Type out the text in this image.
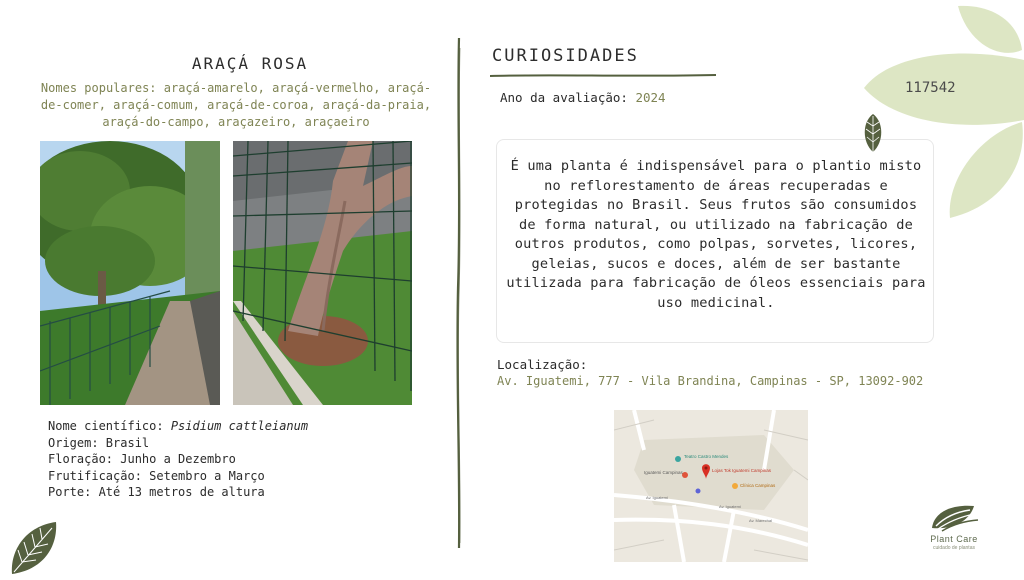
ARAÇÁ ROSA
Nomes populares: araçá-amarelo, araçá-vermelho, araçá-de-comer, araçá-comum, araçá-de-coroa, araçá-da-praia, araçá-do-campo, araçazeiro, araçaeiro
Nome científico: Psidium cattleianum
Origem: Brasil
Floração: Junho a Dezembro
Frutificação: Setembro a Março
Porte: Até 13 metros de altura
CURIOSIDADES
Ano da avaliação: 2024
É uma planta é indispensável para o plantio misto no reflorestamento de áreas recuperadas e protegidas no Brasil. Seus frutos são consumidos de forma natural, ou utilizado na fabricação de outros produtos, como polpas, sorvetes, licores, geleias, sucos e doces, além de ser bastante utilizada para fabricação de óleos essenciais para uso medicinal.
Localização:
Av. Iguatemi, 777 - Vila Brandina, Campinas - SP, 13092-902
Teatro Castro Mendes
Iguatemi Campinas	Lojas Tok Iguatemi Campinas
Clínica Campinas
Av. Iguatemi
Av. Iguatemi
Av. Marechal
117542
Plant Care
cuidado de plantas
